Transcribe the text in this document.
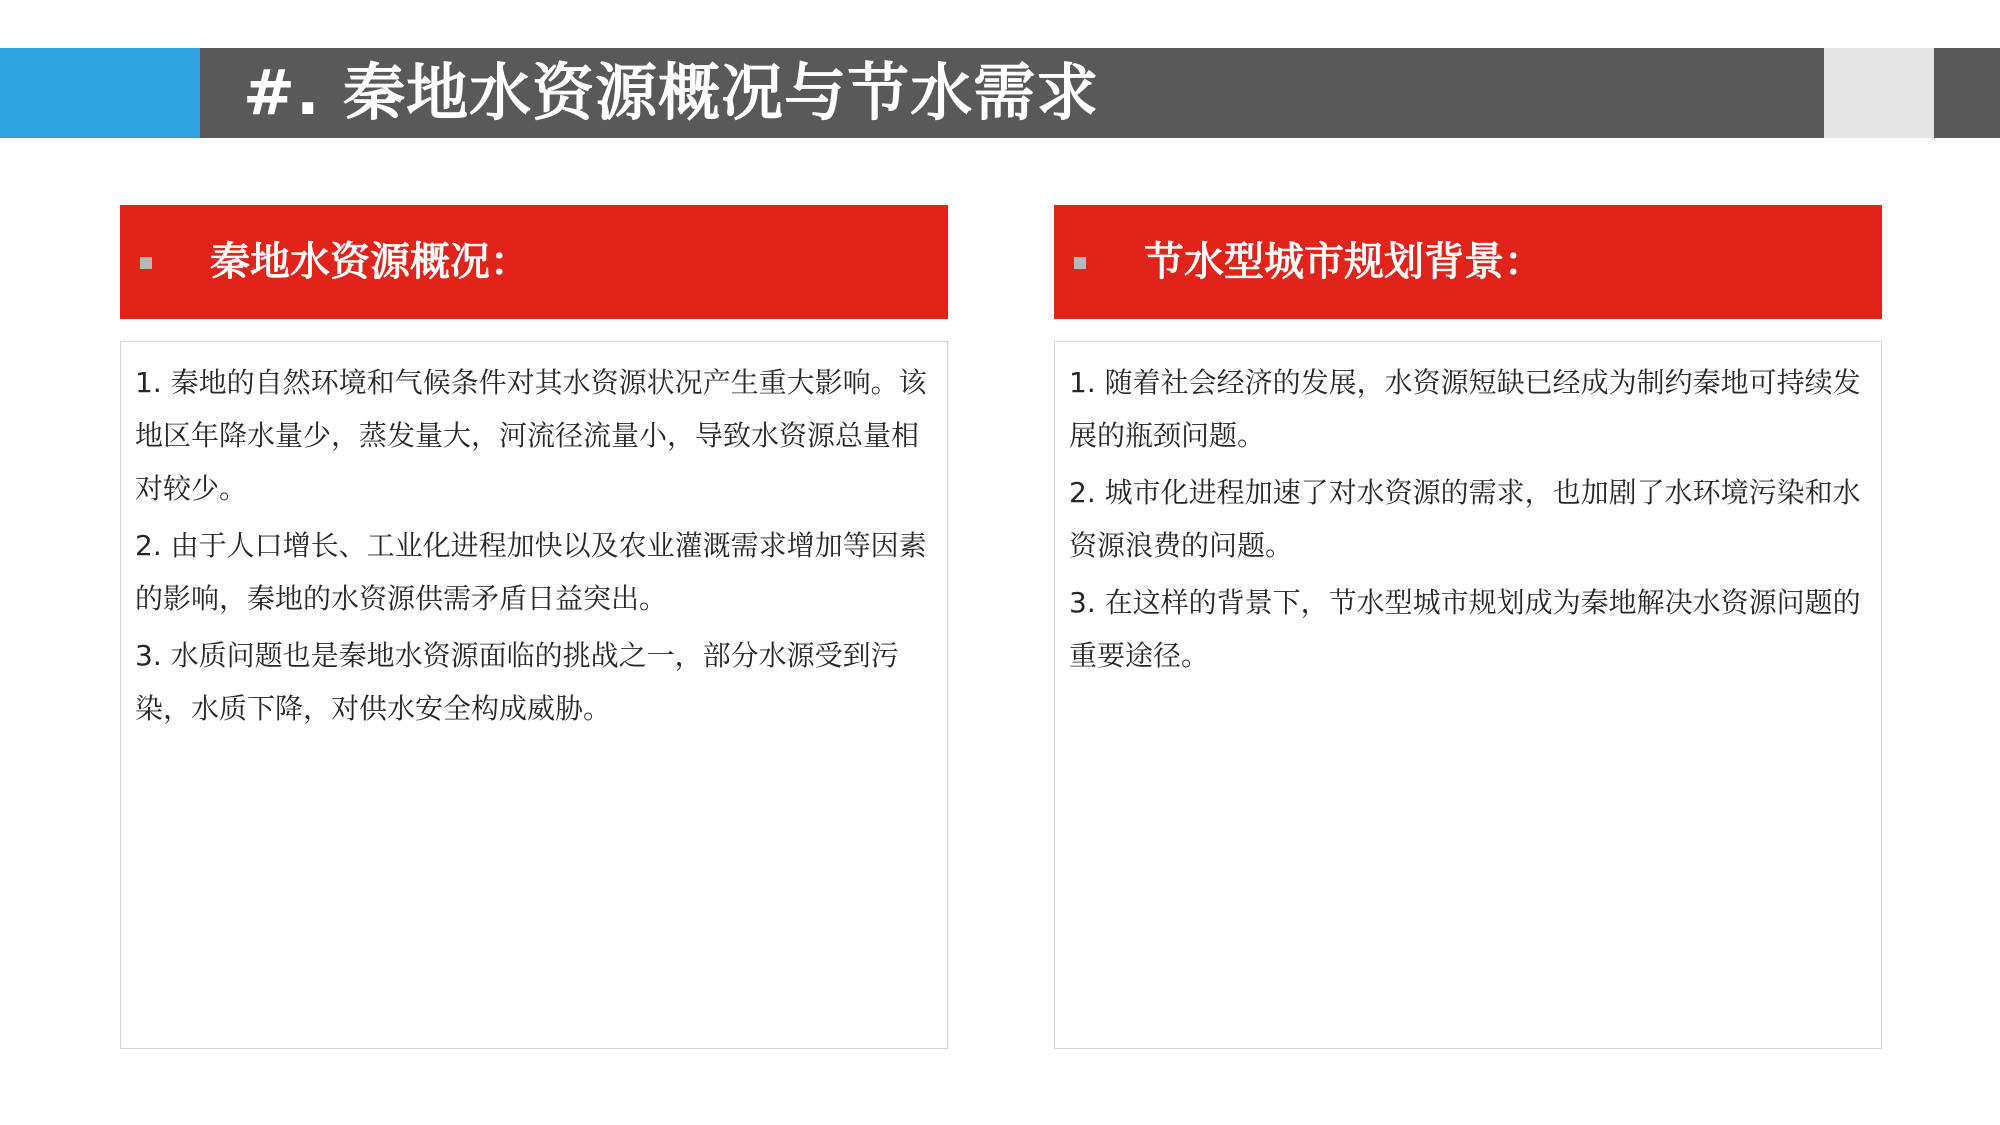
#. 秦地水资源概况与节水需求
秦地水资源概况：

1. 秦地的自然环境和气候条件对其水资源状况产生重大影响。该地区年降水量少，蒸发量大，河流径流量小，导致水资源总量相对较少。

2. 由于人口增长、工业化进程加快以及农业灌溉需求增加等因素的影响，秦地的水资源供需矛盾日益突出。

3. 水质问题也是秦地水资源面临的挑战之一，部分水源受到污染，水质下降，对供水安全构成威胁。

节水型城市规划背景：

1. 随着社会经济的发展，水资源短缺已经成为制约秦地可持续发展的瓶颈问题。

2. 城市化进程加速了对水资源的需求，也加剧了水环境污染和水资源浪费的问题。

3. 在这样的背景下，节水型城市规划成为秦地解决水资源问题的重要途径。
